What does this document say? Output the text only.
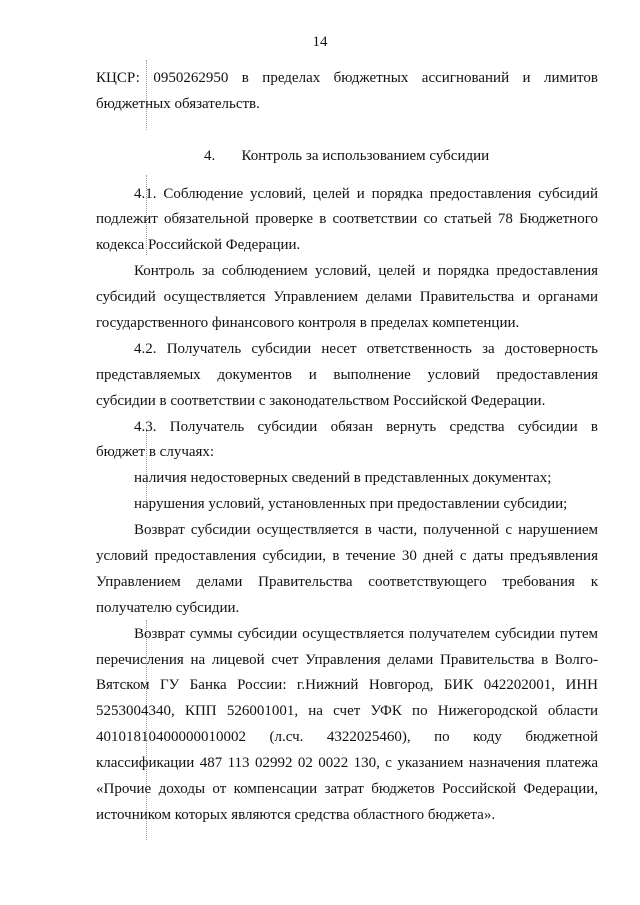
14
КЦСР: 0950262950 в пределах бюджетных ассигнований и лимитов
бюджетных обязательств.
4.       Контроль за использованием субсидии
4.1. Соблюдение условий, целей и порядка предоставления субсидий
подлежит обязательной проверке в соответствии со статьей 78 Бюджетного
кодекса Российской Федерации.
Контроль за соблюдением условий, целей и порядка предоставления
субсидий осуществляется Управлением делами Правительства и органами
государственного финансового контроля в пределах компетенции.
4.2. Получатель субсидии несет ответственность за достоверность
представляемых документов и выполнение условий предоставления
субсидии в соответствии с законодательством Российской Федерации.
4.3. Получатель субсидии обязан вернуть средства субсидии в
бюджет в случаях:
наличия недостоверных сведений в представленных документах;
нарушения условий, установленных при предоставлении субсидии;
Возврат субсидии осуществляется в части, полученной с нарушением
условий предоставления субсидии, в течение 30 дней с даты предъявления
Управлением делами Правительства соответствующего требования к
получателю субсидии.
Возврат суммы субсидии осуществляется получателем субсидии путем
перечисления на лицевой счет Управления делами Правительства в Волго-
Вятском ГУ Банка России: г.Нижний Новгород, БИК 042202001, ИНН
5253004340, КПП 526001001, на счет УФК по Нижегородской области
40101810400000010002 (л.сч. 4322025460), по коду бюджетной
классификации 487 113 02992 02 0022 130, с указанием назначения платежа
«Прочие доходы от компенсации затрат бюджетов Российской Федерации,
источником которых являются средства областного бюджета».
